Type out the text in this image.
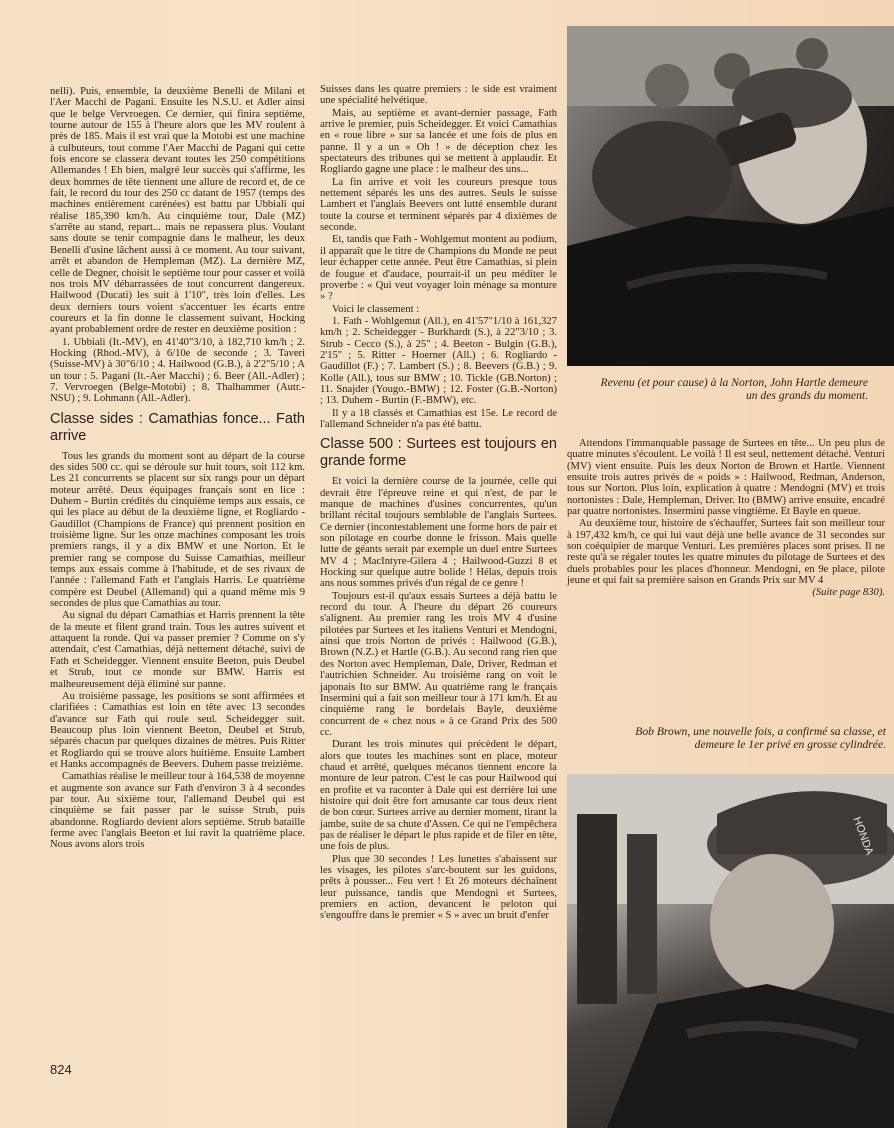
nelli). Puis, ensemble, la deuxième Benelli de Milani et l'Aer Macchi de Pagani. Ensuite les N.S.U. et Adler ainsi que le belge Vervroegen. Ce dernier, qui finira septième, tourne autour de 155 à l'heure alors que les MV roulent à près de 185. Mais il est vrai que la Motobi est une machine à culbuteurs, tout comme l'Aer Macchi de Pagani qui cette fois encore se classera devant toutes les 250 compétitions Allemandes ! Eh bien, malgré leur succès qui s'affirme, les deux hommes de tête tiennent une allure de record et, de ce fait, le record du tour des 250 cc datant de 1957 (temps des machines entièrement carénées) est battu par Ubbiali qui réalise 185,390 km/h. Au cinquième tour, Dale (MZ) s'arrête au stand, repart... mais ne repassera plus. Voulant sans doute se tenir compagnie dans le malheur, les deux Benelli d'usine lâchent aussi à ce moment. Au tour suivant, arrêt et abandon de Hempleman (MZ). La dernière MZ, celle de Degner, choisit le septième tour pour casser et voilà nos trois MV débarrassées de tout concurrent dangereux. Hailwood (Ducati) les suit à 1'10", très loin d'elles. Les deux derniers tours voient s'accentuer les écarts entre coureurs et la fin donne le classement suivant, Hocking ayant probablement ordre de rester en deuxième position :

1. Ubbiali (It.-MV), en 41'40"3/10, à 182,710 km/h ; 2. Hocking (Rhod.-MV), à 6/10e de seconde ; 3. Taveri (Suisse-MV) à 30"6/10 ; 4. Hailwood (G.B.), à 2'2"5/10 ; A un tour : 5. Pagani (It.-Aer Macchi) ; 6. Beer (All.-Adler) ; 7. Vervroegen (Belge-Motobi) ; 8. Thalhammer (Autr.-NSU) ; 9. Lohmann (All.-Adler).

Classe sides : Camathias fonce... Fath arrive

Tous les grands du moment sont au départ de la course des sides 500 cc. qui se déroule sur huit tours, soit 112 km. Les 21 concurrents se placent sur six rangs pour un départ moteur arrêté. Deux équipages français sont en lice : Duhem - Burtin crédités du cinquième temps aux essais, ce qui les place au début de la deuxième ligne, et Rogliardo - Gaudillot (Champions de France) qui prennent position en troisième ligne. Sur les onze machines composant les trois premiers rangs, il y a dix BMW et une Norton. Et le premier rang se compose du Suisse Camathias, meilleur temps aux essais comme à l'habitude, et de ses rivaux de l'année : l'allemand Fath et l'anglais Harris. Le quatrième compère est Deubel (Allemand) qui a quand même mis 9 secondes de plus que Camathias au tour.

Au signal du départ Camathias et Harris prennent la tête de la meute et filent grand train. Tous les autres suivent et attaquent la ronde. Qui va passer premier ? Comme on s'y attendait, c'est Camathias, déjà nettement détaché, suivi de Fath et Scheidegger. Viennent ensuite Beeton, puis Deubel et Strub, tout ce monde sur BMW. Harris est malheureusement déjà éliminé sur panne.

Au troisième passage, les positions se sont affirmées et clarifiées : Camathias est loin en tête avec 13 secondes d'avance sur Fath qui roule seul. Scheidegger suit. Beaucoup plus loin viennent Beeton, Deubel et Strub, séparés chacun par quelques dizaines de mètres. Puis Ritter et Rogliardo qui se trouve alors huitième. Ensuite Lambert et Hanks accompagnés de Beevers. Duhem passe treizième.

Camathias réalise le meilleur tour à 164,538 de moyenne et augmente son avance sur Fath d'environ 3 à 4 secondes par tour. Au sixième tour, l'allemand Deubel qui est cinquième se fait passer par le suisse Strub, puis abandonne. Rogliardo devient alors septième. Strub bataille ferme avec l'anglais Beeton et lui ravit la quatrième place. Nous avons alors trois

Suisses dans les quatre premiers : le side est vraiment une spécialité helvétique.

Mais, au septième et avant-dernier passage, Fath arrive le premier, puis Scheidegger. Et voici Camathias en « roue libre » sur sa lancée et une fois de plus en panne. Il y a un « Oh ! » de déception chez les spectateurs des tribunes qui se mettent à applaudir. Et Rogliardo gagne une place : le malheur des uns...

La fin arrive et voit les coureurs presque tous nettement séparés les uns des autres. Seuls le suisse Lambert et l'anglais Beevers ont lutté ensemble durant toute la course et terminent séparés par 4 dixièmes de seconde.

Et, tandis que Fath - Wohlgemut montent au podium, il apparaît que le titre de Champions du Monde ne peut leur échapper cette année. Peut être Camathias, si plein de fougue et d'audace, pourrait-il un peu méditer le proverbe : « Qui veut voyager loin ménage sa monture » ?

Voici le classement :

1. Fath - Wohlgemut (All.), en 41'57"1/10 à 161,327 km/h ; 2. Scheidegger - Burkhardt (S.), à 22"3/10 ; 3. Strub - Cecco (S.), à 25" ; 4. Beeton - Bulgin (G.B.), 2'15" ; 5. Ritter - Hoerner (All.) ; 6. Rogliardo - Gaudillot (F.) ; 7. Lambert (S.) ; 8. Beevers (G.B.) ; 9. Kolle (All.), tous sur BMW ; 10. Tickle (GB.Norton) ; 11. Snajder (Yougo.-BMW) ; 12. Foster (G.B.-Norton) ; 13. Duhem - Burtin (F.-BMW), etc.

Il y a 18 classés et Camathias est 15e. Le record de l'allemand Schneider n'a pas été battu.

Classe 500 : Surtees est toujours en grande forme

Et voici la dernière course de la journée, celle qui devrait être l'épreuve reine et qui n'est, de par le manque de machines d'usines concurrentes, qu'un brillant récital toujours semblable de l'anglais Surtees. Ce dernier (incontestablement une forme hors de pair et son pilotage en courbe donne le frisson. Mais quelle lutte de géants serait par exemple un duel entre Surtees MV 4 ; MacIntyre-Gilera 4 ; Hailwood-Guzzi 8 et Hocking sur quelque autre bolide ! Hélas, depuis trois ans nous sommes privés d'un régal de ce genre !

Toujours est-il qu'aux essais Surtees a déjà battu le record du tour. A l'heure du départ 26 coureurs s'alignent. Au premier rang les trois MV 4 d'usine pilotées par Surtees et les italiens Venturi et Mendogni, ainsi que trois Norton de privés : Hailwood (G.B.), Brown (N.Z.) et Hartle (G.B.). Au second rang rien que des Norton avec Hempleman, Dale, Driver, Redman et l'autrichien Schneider. Au troisième rang on voit le japonais Ito sur BMW. Au quatrième rang le français Insermini qui a fait son meilleur tour à 171 km/h. Et au cinquième rang le bordelais Bayle, deuxième concurrent de « chez nous » à ce Grand Prix des 500 cc.

Durant les trois minutes qui précèdent le départ, alors que toutes les machines sont en place, moteur chaud et arrêté, quelques mécanos tiennent encore la monture de leur patron. C'est le cas pour Hailwood qui en profite et va raconter à Dale qui est derrière lui une histoire qui doit être fort amusante car tous deux rient de bon cœur. Surtees arrive au dernier moment, tirant la jambe, suite de sa chute d'Assen. Ce qui ne l'empêchera pas de réaliser le départ le plus rapide et de filer en tête, une fois de plus.

Plus que 30 secondes ! Les lunettes s'abaissent sur les visages, les pilotes s'arc-boutent sur les guidons, prêts à pousser... Feu vert ! Et 26 moteurs déchaînent leur puissance, tandis que Mendogni et Surtees, premiers en action, devancent le peloton qui s'engouffre dans le premier « S » avec un bruit d'enfer

Revenu (et pour cause) à la Norton, John Hartle demeure un des grands du moment.

Attendons l'immanquable passage de Surtees en tête... Un peu plus de quatre minutes s'écoulent. Le voilà ! Il est seul, nettement détaché. Venturi (MV) vient ensuite. Puis les deux Norton de Brown et Hartle. Viennent ensuite trois autres privés de « poids » : Hailwood, Redman, Anderson, tous sur Norton. Plus loin, explication à quatre : Mendogni (MV) et trois nortonistes : Dale, Hempleman, Driver. Ito (BMW) arrive ensuite, encadré par quatre nortonistes. Insermini passe vingtième. Et Bayle en queue.

Au deuxième tour, histoire de s'échauffer, Surtees fait son meilleur tour à 197,432 km/h, ce qui lui vaut déjà une belle avance de 31 secondes sur son coéquipier de marque Venturi. Les premières places sont prises. Il ne reste qu'à se régaler toutes les quatre minutes du pilotage de Surtees et des duels probables pour les places d'honneur. Mendogni, en 9e place, pilote jeune et qui fait sa première saison en Grands Prix sur MV 4

(Suite page 830).

Bob Brown, une nouvelle fois, a confirmé sa classe, et demeure le 1er privé en grosse cylindrée.
HONDA
824
